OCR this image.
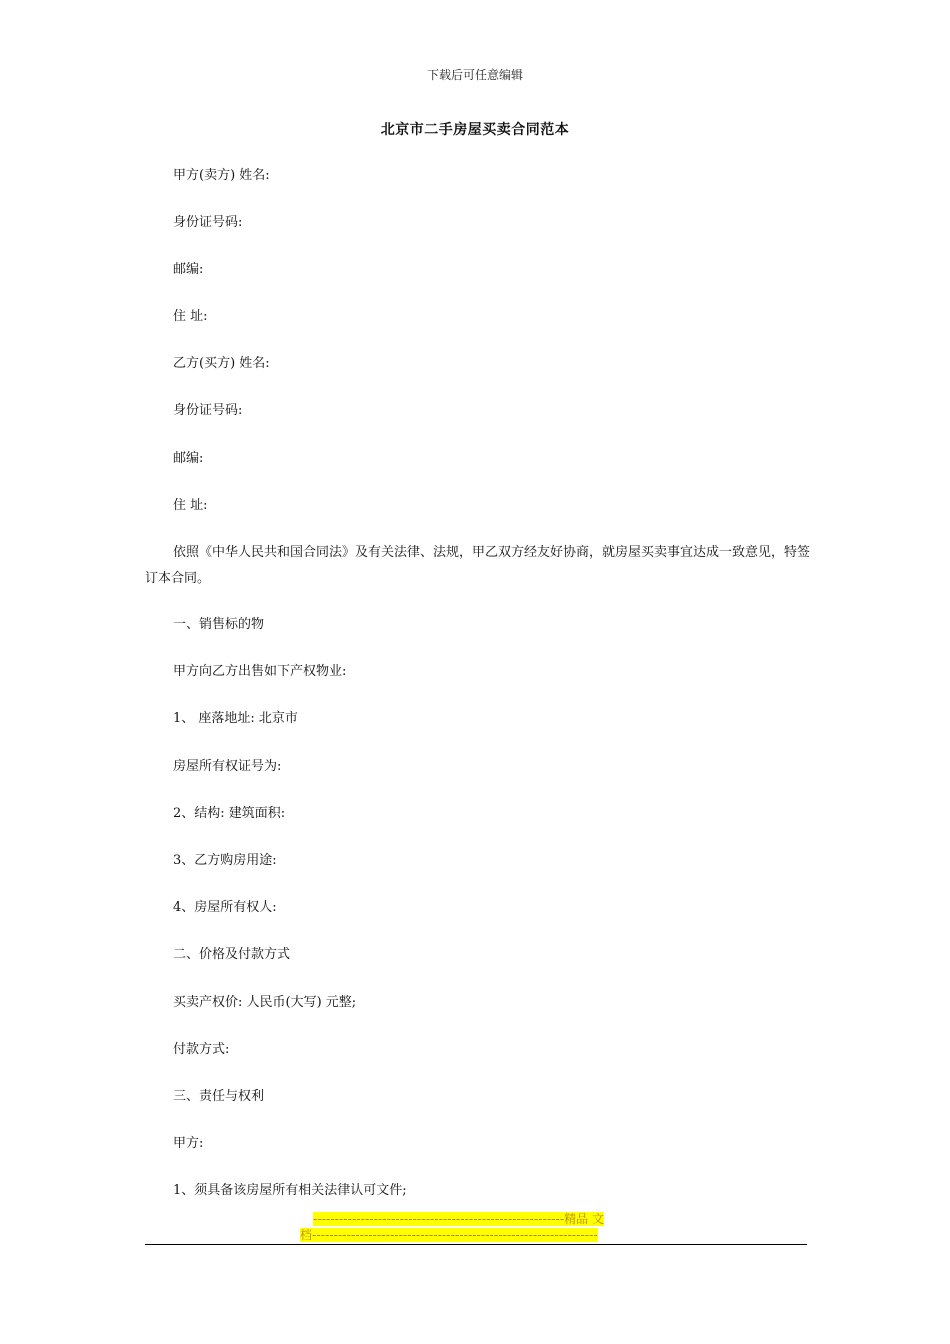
下载后可任意编辑
北京市二手房屋买卖合同范本
甲方(卖方) 姓名:
身份证号码:
邮编:
住 址:
乙方(买方) 姓名:
身份证号码:
邮编:
住 址:
依照《中华人民共和国合同法》及有关法律、法规，甲乙双方经友好协商，就房屋买卖事宜达成一致意见，特签订本合同。
一、销售标的物
甲方向乙方出售如下产权物业:
1、 座落地址: 北京市
房屋所有权证号为:
2、结构: 建筑面积:
3、乙方购房用途:
4、房屋所有权人:
二、价格及付款方式
买卖产权价: 人民币(大写) 元整;
付款方式:
三、责任与权利
甲方:
1、须具备该房屋所有相关法律认可文件;
----------------------------------------------------------精品 文
档------------------------------------------------------------------
